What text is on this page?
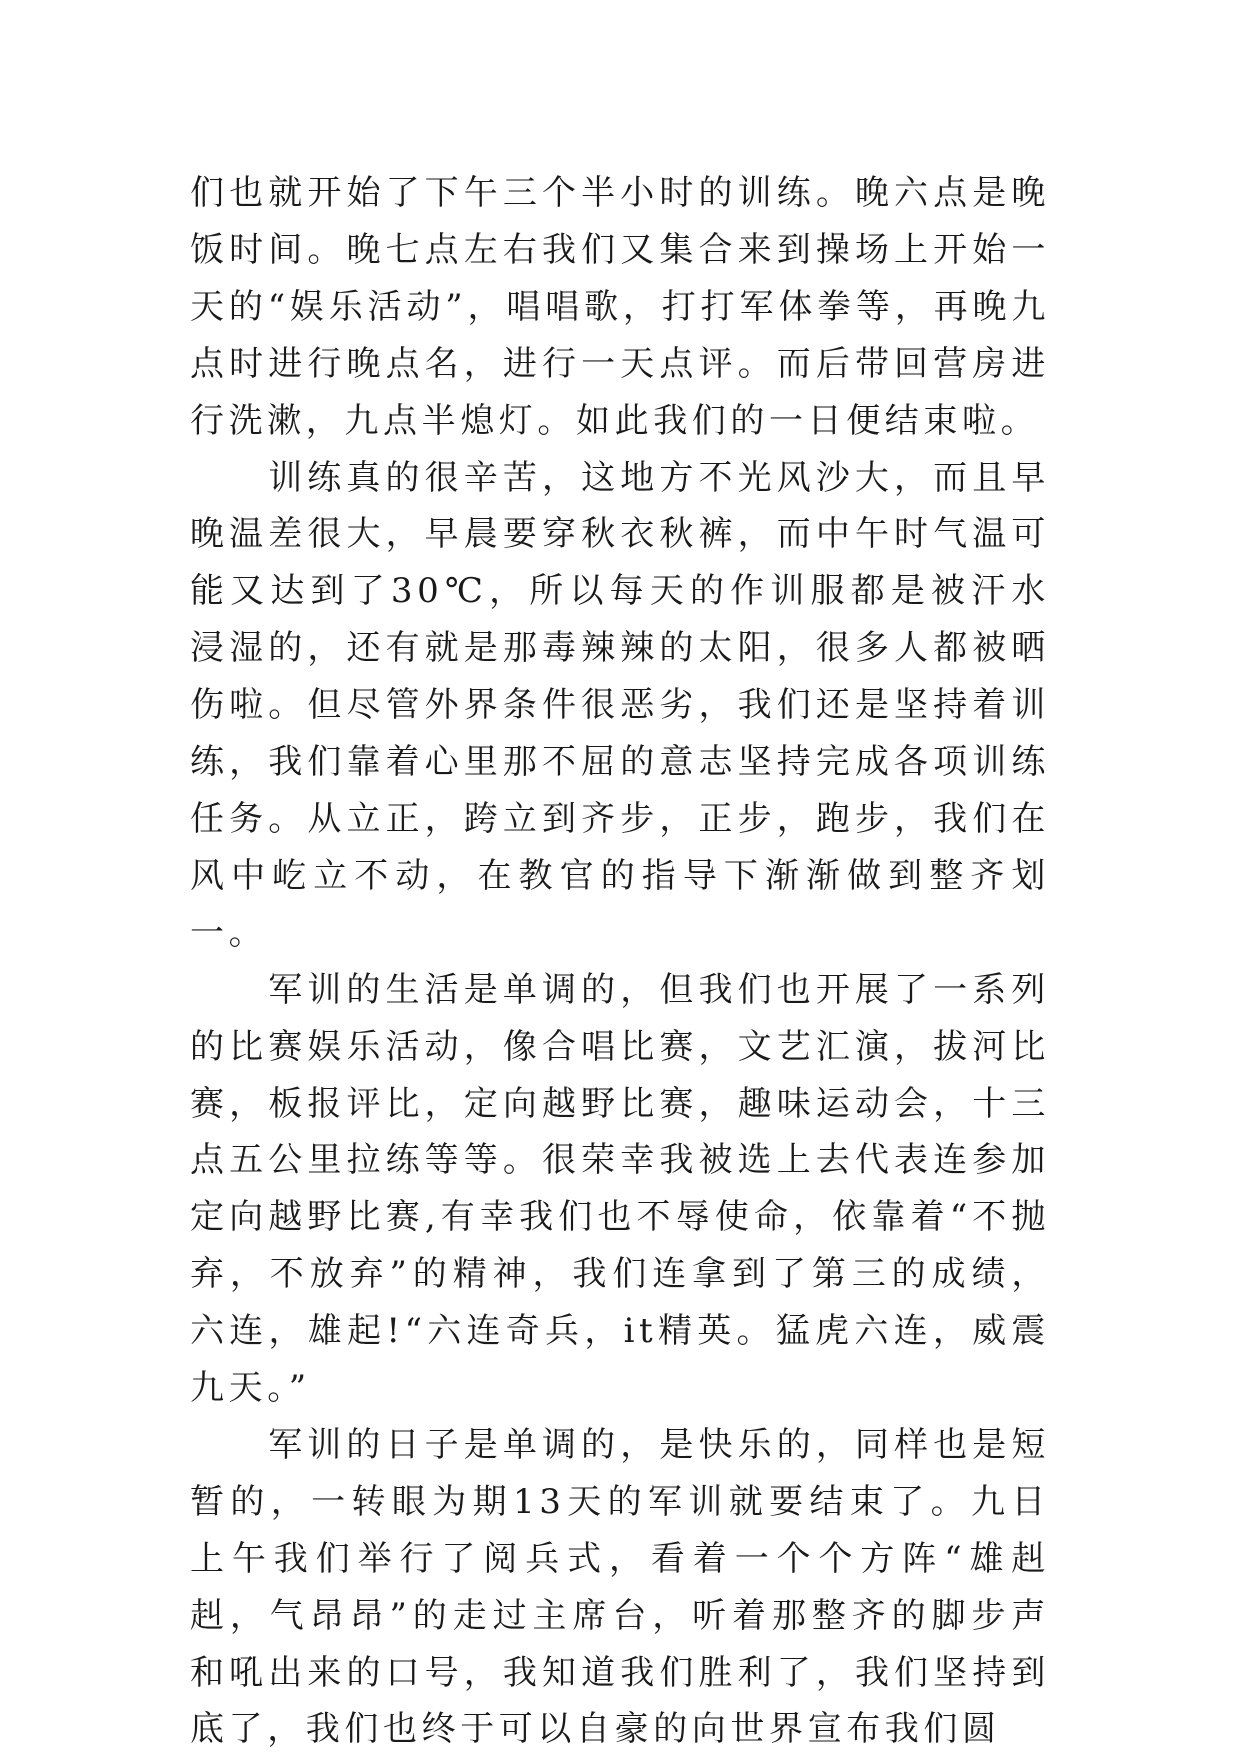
们也就开始了下午三个半小时的训练。晚六点是晚饭时间。晚七点左右我们又集合来到操场上开始一天的“娱乐活动”，唱唱歌，打打军体拳等，再晚九点时进行晚点名，进行一天点评。而后带回营房进行洗漱，九点半熄灯。如此我们的一日便结束啦。

训练真的很辛苦，这地方不光风沙大，而且早晚温差很大，早晨要穿秋衣秋裤，而中午时气温可能又达到了30℃，所以每天的作训服都是被汗水浸湿的，还有就是那毒辣辣的太阳，很多人都被晒伤啦。但尽管外界条件很恶劣，我们还是坚持着训练，我们靠着心里那不屈的意志坚持完成各项训练任务。从立正，跨立到齐步，正步，跑步，我们在风中屹立不动，在教官的指导下渐渐做到整齐划一。

军训的生活是单调的，但我们也开展了一系列的比赛娱乐活动，像合唱比赛，文艺汇演，拔河比赛，板报评比，定向越野比赛，趣味运动会，十三点五公里拉练等等。很荣幸我被选上去代表连参加定向越野比赛,有幸我们也不辱使命，依靠着“不抛弃，不放弃”的精神，我们连拿到了第三的成绩，六连，雄起!“六连奇兵，it精英。猛虎六连，威震九天。”

军训的日子是单调的，是快乐的，同样也是短暂的，一转眼为期13天的军训就要结束了。九日上午我们举行了阅兵式，看着一个个方阵“雄赳赳，气昂昂”的走过主席台，听着那整齐的脚步声和吼出来的口号，我知道我们胜利了，我们坚持到底了，我们也终于可以自豪的向世界宣布我们圆
